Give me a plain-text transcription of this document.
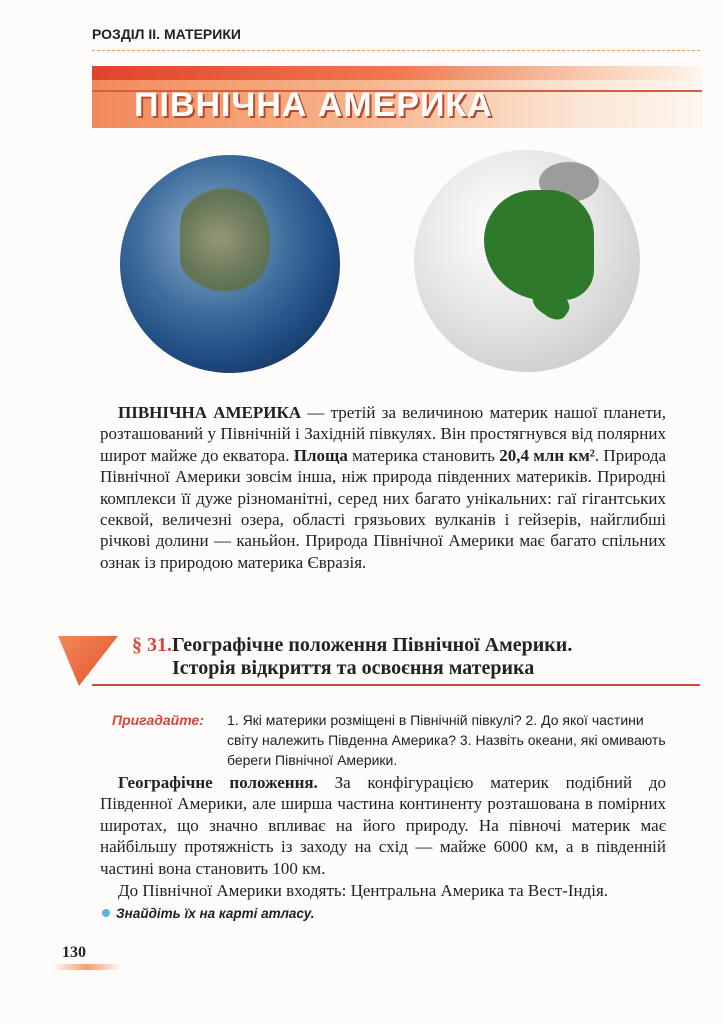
РОЗДІЛ ІІ. МАТЕРИКИ
ПІВНІЧНА АМЕРИКА

ПІВНІЧНА АМЕРИКА — третій за величиною материк нашої планети, розташований у Північній і Західній півкулях. Він простягнувся від полярних широт майже до екватора. Площа материка становить 20,4 млн км². Природа Північної Америки зовсім інша, ніж природа південних материків. Природні комплекси її дуже різноманітні, серед них багато унікальних: гаї гігантських секвой, величезні озера, області грязьових вулканів і гейзерів, найглибші річкові долини — каньйон. Природа Північної Америки має багато спільних ознак із природою материка Євразія.

§ 31. Географічне положення Північної Америки.
Історія відкриття та освоєння материка
Пригадайте: 1. Які материки розміщені в Північній півкулі? 2. До якої частини світу належить Південна Америка? 3. Назвіть океани, які омивають береги Північної Америки.

Географічне положення. За конфігурацією материк подібний до Південної Америки, але ширша частина континенту розташована в помірних широтах, що значно впливає на його природу. На півночі материк має найбільшу протяжність із заходу на схід — майже 6000 км, а в південній частині вона становить 100 км.

До Північної Америки входять: Центральна Америка та Вест-Індія.

Знайдіть їх на карті атласу.
130
